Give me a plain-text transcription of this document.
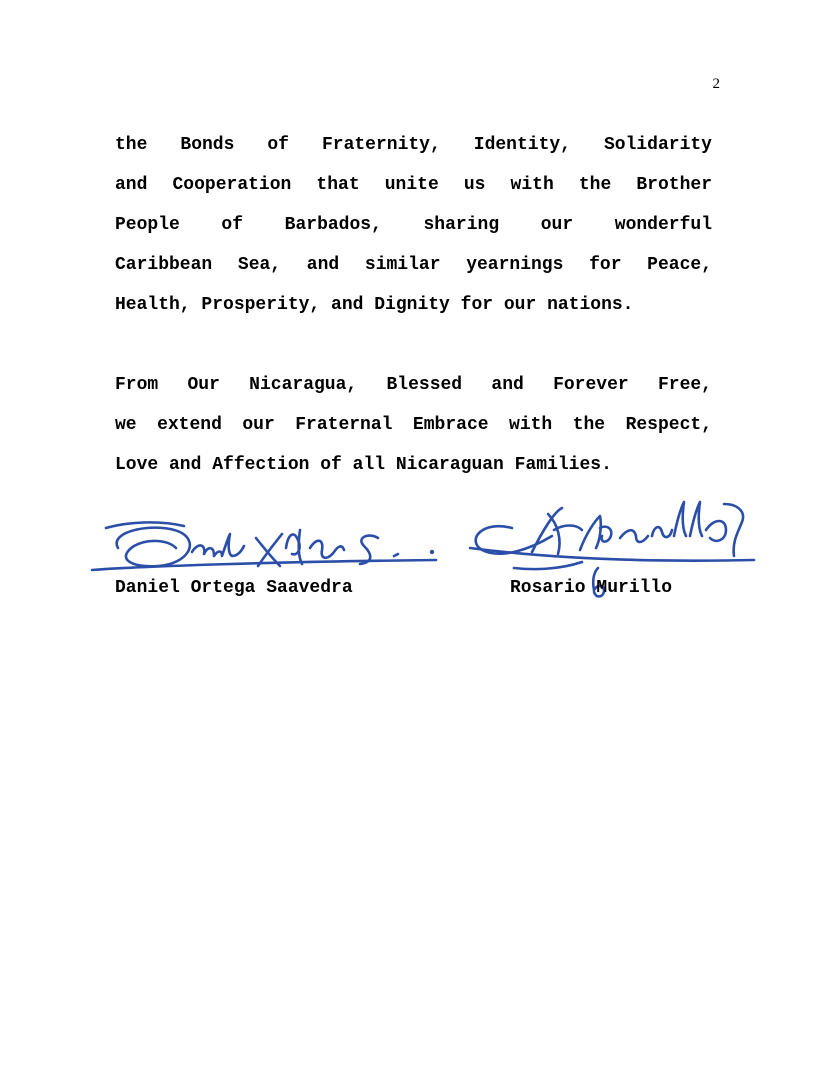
2
the Bonds of Fraternity, Identity, Solidarity
and Cooperation that unite us with the Brother
People of Barbados, sharing our wonderful
Caribbean Sea, and similar yearnings for Peace,
Health, Prosperity, and Dignity for our nations.
From Our Nicaragua, Blessed and Forever Free,
we extend our Fraternal Embrace with the Respect,
Love and Affection of all Nicaraguan Families.
Daniel Ortega Saavedra	Rosario Murillo
